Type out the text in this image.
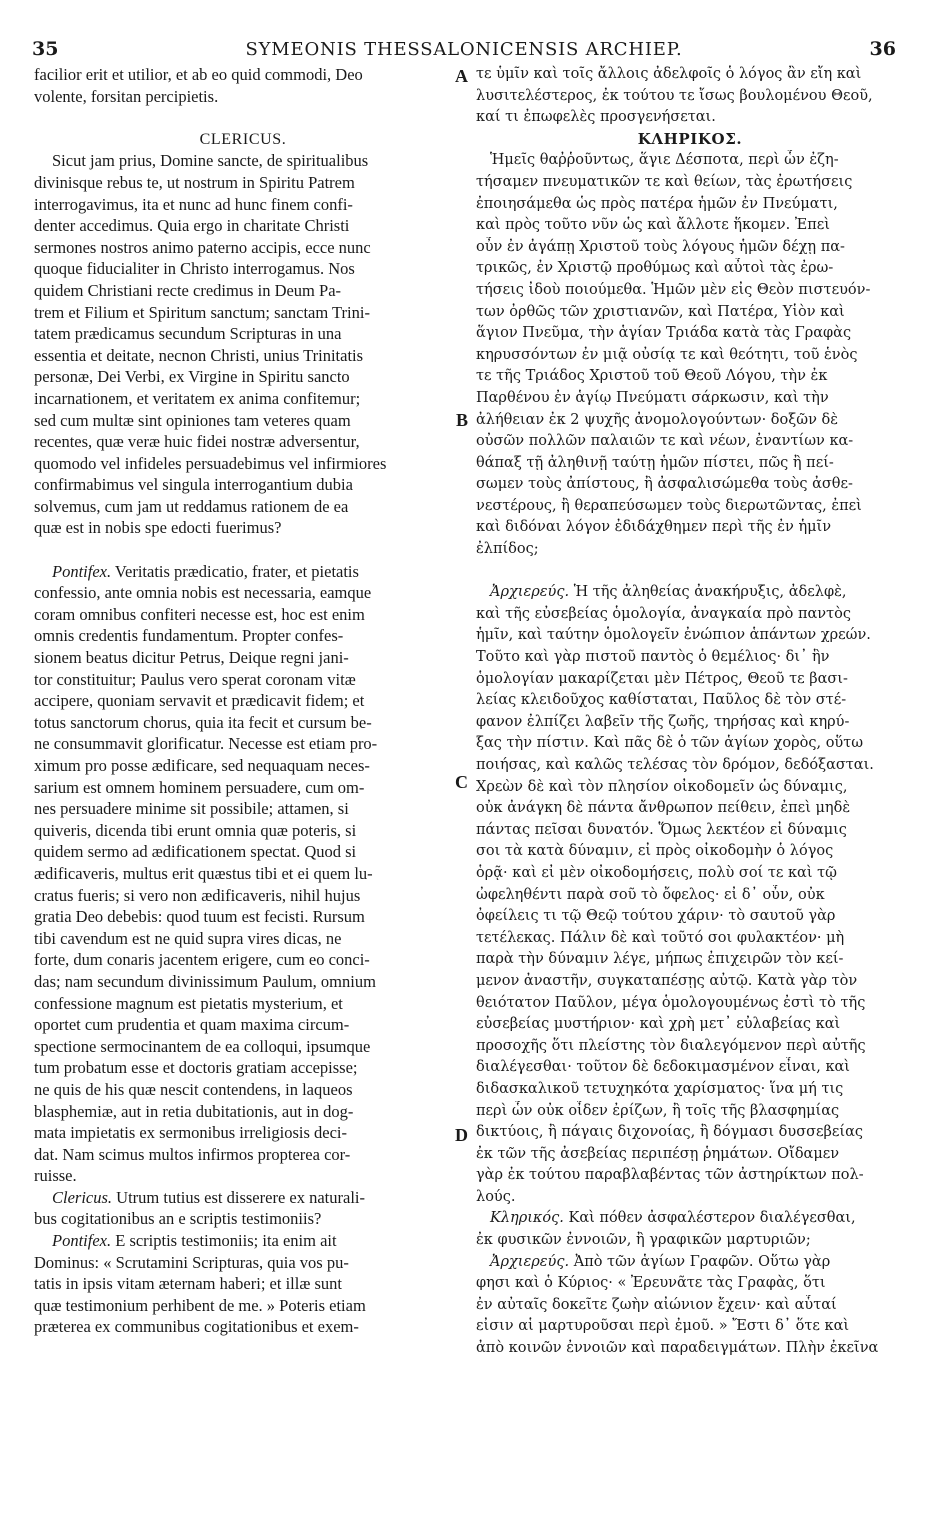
35	SYMEONIS THESSALONICENSIS ARCHIEP.	36
A
B
C
D
facilior erit et utilior, et ab eo quid commodi, Deo
volente, forsitan percipietis.
CLERICUS.
Sicut jam prius, Domine sancte, de spiritualibus
divinisque rebus te, ut nostrum in Spiritu Patrem
interrogavimus, ita et nunc ad hunc finem confi-
denter accedimus. Quia ergo in charitate Christi
sermones nostros animo paterno accipis, ecce nunc
quoque fiducialiter in Christo interrogamus. Nos
quidem Christiani recte credimus in Deum Pa-
trem et Filium et Spiritum sanctum; sanctam Trini-
tatem prædicamus secundum Scripturas in una
essentia et deitate, necnon Christi, unius Trinitatis
personæ, Dei Verbi, ex Virgine in Spiritu sancto
incarnationem, et veritatem ex anima confitemur;
sed cum multæ sint opiniones tam veteres quam
recentes, quæ veræ huic fidei nostræ adversentur,
quomodo vel infideles persuadebimus vel infirmiores
confirmabimus vel singula interrogantium dubia
solvemus, cum jam ut reddamus rationem de ea
quæ est in nobis spe edocti fuerimus?
Pontifex. Veritatis prædicatio, frater, et pietatis
confessio, ante omnia nobis est necessaria, eamque
coram omnibus confiteri necesse est, hoc est enim
omnis credentis fundamentum. Propter confes-
sionem beatus dicitur Petrus, Deique regni jani-
tor constituitur; Paulus vero sperat coronam vitæ
accipere, quoniam servavit et prædicavit fidem; et
totus sanctorum chorus, quia ita fecit et cursum be-
ne consummavit glorificatur. Necesse est etiam pro-
ximum pro posse ædificare, sed nequaquam neces-
sarium est omnem hominem persuadere, cum om-
nes persuadere minime sit possibile; attamen, si
quiveris, dicenda tibi erunt omnia quæ poteris, si
quidem sermo ad ædificationem spectat. Quod si
ædificaveris, multus erit quæstus tibi et ei quem lu-
cratus fueris; si vero non ædificaveris, nihil hujus
gratia Deo debebis: quod tuum est fecisti. Rursum
tibi cavendum est ne quid supra vires dicas, ne
forte, dum conaris jacentem erigere, cum eo conci-
das; nam secundum divinissimum Paulum, omnium
confessione magnum est pietatis mysterium, et
oportet cum prudentia et quam maxima circum-
spectione sermocinantem de ea colloqui, ipsumque
tum probatum esse et doctoris gratiam accepisse;
ne quis de his quæ nescit contendens, in laqueos
blasphemiæ, aut in retia dubitationis, aut in dog-
mata impietatis ex sermonibus irreligiosis deci-
dat. Nam scimus multos infirmos propterea cor-
ruisse.
Clericus. Utrum tutius est disserere ex naturali-
bus cogitationibus an e scriptis testimoniis?
Pontifex. E scriptis testimoniis; ita enim ait
Dominus: « Scrutamini Scripturas, quia vos pu-
tatis in ipsis vitam æternam haberi; et illæ sunt
quæ testimonium perhibent de me. » Poteris etiam
præterea ex communibus cogitationibus et exem-
τε ὑμῖν καὶ τοῖς ἄλλοις ἀδελφοῖς ὁ λόγος ἂν εἴη καὶ
λυσιτελέστερος, ἐκ τούτου τε ἴσως βουλομένου Θεοῦ,
καί τι ἐπωφελὲς προσγενήσεται.
ΚΛΗΡΙΚΟΣ.
Ἡμεῖς θαῤῥοῦντως, ἅγιε Δέσποτα, περὶ ὧν ἐζη-
τήσαμεν πνευματικῶν τε καὶ θείων, τὰς ἐρωτήσεις
ἐποιησάμεθα ὡς πρὸς πατέρα ἡμῶν ἐν Πνεύματι,
καὶ πρὸς τοῦτο νῦν ὡς καὶ ἄλλοτε ἥκομεν. Ἐπεὶ
οὖν ἐν ἀγάπῃ Χριστοῦ τοὺς λόγους ἡμῶν δέχῃ πα-
τρικῶς, ἐν Χριστῷ προθύμως καὶ αὖτοὶ τὰς ἐρω-
τήσεις ἰδοὺ ποιούμεθα. Ἡμῶν μὲν εἰς Θεὸν πιστευόν-
των ὀρθῶς τῶν χριστιανῶν, καὶ Πατέρα, Υἱὸν καὶ
ἅγιον Πνεῦμα, τὴν ἁγίαν Τριάδα κατὰ τὰς Γραφὰς
κηρυσσόντων ἐν μιᾷ οὐσίᾳ τε καὶ θεότητι, τοῦ ἑνὸς
τε τῆς Τριάδος Χριστοῦ τοῦ Θεοῦ Λόγου, τὴν ἐκ
Παρθένου ἐν ἁγίῳ Πνεύματι σάρκωσιν, καὶ τὴν
ἀλήθειαν ἐκ 2 ψυχῆς ἀνομολογούντων· δοξῶν δὲ
οὐσῶν πολλῶν παλαιῶν τε καὶ νέων, ἐναντίων κα-
θάπαξ τῇ ἀληθινῇ ταύτῃ ἡμῶν πίστει, πῶς ἢ πεί-
σωμεν τοὺς ἀπίστους, ἢ ἀσφαλισώμεθα τοὺς ἀσθε-
νεστέρους, ἢ θεραπεύσωμεν τοὺς διερωτῶντας, ἐπεὶ
καὶ διδόναι λόγον ἐδιδάχθημεν περὶ τῆς ἐν ἡμῖν
ἐλπίδος;
Ἀρχιερεύς. Ἡ τῆς ἀληθείας ἀνακήρυξις, ἀδελφὲ,
καὶ τῆς εὐσεβείας ὁμολογία, ἀναγκαία πρὸ παντὸς
ἡμῖν, καὶ ταύτην ὁμολογεῖν ἐνώπιον ἁπάντων χρεών.
Τοῦτο καὶ γὰρ πιστοῦ παντὸς ὁ θεμέλιος· δι᾿ ἣν
ὁμολογίαν μακαρίζεται μὲν Πέτρος, Θεοῦ τε βασι-
λείας κλειδοῦχος καθίσταται, Παῦλος δὲ τὸν στέ-
φανον ἐλπίζει λαβεῖν τῆς ζωῆς, τηρήσας καὶ κηρύ-
ξας τὴν πίστιν. Καὶ πᾶς δὲ ὁ τῶν ἁγίων χορὸς, οὕτω
ποιήσας, καὶ καλῶς τελέσας τὸν δρόμον, δεδόξασται.
Χρεὼν δὲ καὶ τὸν πλησίον οἰκοδομεῖν ὡς δύναμις,
οὐκ ἀνάγκη δὲ πάντα ἄνθρωπον πείθειν, ἐπεὶ μηδὲ
πάντας πεῖσαι δυνατόν. Ὅμως λεκτέον εἰ δύναμις
σοι τὰ κατὰ δύναμιν, εἰ πρὸς οἰκοδομὴν ὁ λόγος
ὁρᾷ· καὶ εἰ μὲν οἰκοδομήσεις, πολὺ σοί τε καὶ τῷ
ὠφεληθέντι παρὰ σοῦ τὸ ὄφελος· εἰ δ᾿ οὖν, οὐκ
ὀφείλεις τι τῷ Θεῷ τούτου χάριν· τὸ σαυτοῦ γὰρ
τετέλεκας. Πάλιν δὲ καὶ τοῦτό σοι φυλακτέον· μὴ
παρὰ τὴν δύναμιν λέγε, μήπως ἐπιχειρῶν τὸν κεί-
μενον ἀναστῆν, συγκαταπέσῃς αὐτῷ. Κατὰ γὰρ τὸν
θειότατον Παῦλον, μέγα ὁμολογουμένως ἐστὶ τὸ τῆς
εὐσεβείας μυστήριον· καὶ χρὴ μετ᾿ εὐλαβείας καὶ
προσοχῆς ὅτι πλείστης τὸν διαλεγόμενον περὶ αὐτῆς
διαλέγεσθαι· τοῦτον δὲ δεδοκιμασμένον εἶναι, καὶ
διδασκαλικοῦ τετυχηκότα χαρίσματος· ἵνα μή τις
περὶ ὧν οὐκ οἶδεν ἐρίζων, ἢ τοῖς τῆς βλασφημίας
δικτύοις, ἢ πάγαις διχονοίας, ἢ δόγμασι δυσσεβείας
ἐκ τῶν τῆς ἀσεβείας περιπέσῃ ῥημάτων. Οἴδαμεν
γὰρ ἐκ τούτου παραβλαβέντας τῶν ἀστηρίκτων πολ-
λούς.
Κληρικός. Καὶ πόθεν ἀσφαλέστερον διαλέγεσθαι,
ἐκ φυσικῶν ἐννοιῶν, ἢ γραφικῶν μαρτυριῶν;
Ἀρχιερεύς. Ἀπὸ τῶν ἁγίων Γραφῶν. Οὕτω γὰρ
φησι καὶ ὁ Κύριος· « Ἐρευνᾶτε τὰς Γραφὰς, ὅτι
ἐν αὐταῖς δοκεῖτε ζωὴν αἰώνιον ἔχειν· καὶ αὗταί
εἰσιν αἱ μαρτυροῦσαι περὶ ἐμοῦ. » Ἔστι δ᾿ ὅτε καὶ
ἀπὸ κοινῶν ἐννοιῶν καὶ παραδειγμάτων. Πλὴν ἐκεῖνα
